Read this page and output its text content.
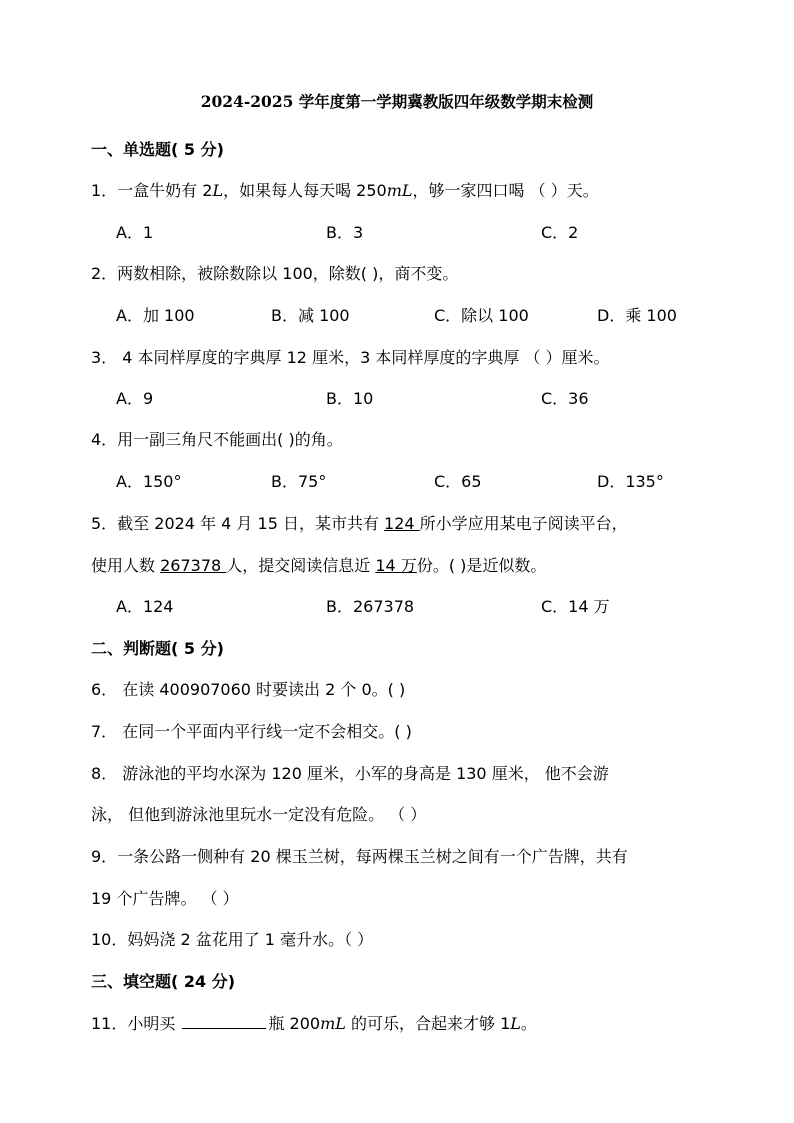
2024-2025 学年度第一学期冀教版四年级数学期末检测
一、单选题( 5 分)
1．一盒牛奶有 2L，如果每人每天喝 250mL，够一家四口喝 （ ）天。
A．1	B．3	C．2
2．两数相除，被除数除以 100，除数( )，商不变。
A．加 100	B．减 100	C．除以 100	D．乘 100
3． 4 本同样厚度的字典厚 12 厘米，3 本同样厚度的字典厚 （ ）厘米。
A．9	B．10	C．36
4．用一副三角尺不能画出( )的角。
A．150°	B．75°	C．65	D．135°
5．截至 2024 年 4 月 15 日，某市共有 124 所小学应用某电子阅读平台，
使用人数 267378 人，提交阅读信息近 14 万份。( )是近似数。
A．124	B．267378	C．14 万
二、判断题( 5 分)
6． 在读 400907060 时要读出 2 个 0。( )
7． 在同一个平面内平行线一定不会相交。( )
8． 游泳池的平均水深为 120 厘米，小军的身高是 130 厘米， 他不会游
泳， 但他到游泳池里玩水一定没有危险。 （ ）
9．一条公路一侧种有 20 棵玉兰树，每两棵玉兰树之间有一个广告牌，共有
19 个广告牌。 （ ）
10．妈妈浇 2 盆花用了 1 毫升水。（ ）
三、填空题( 24 分)
11．小明买	瓶 200mL 的可乐，合起来才够 1L。
